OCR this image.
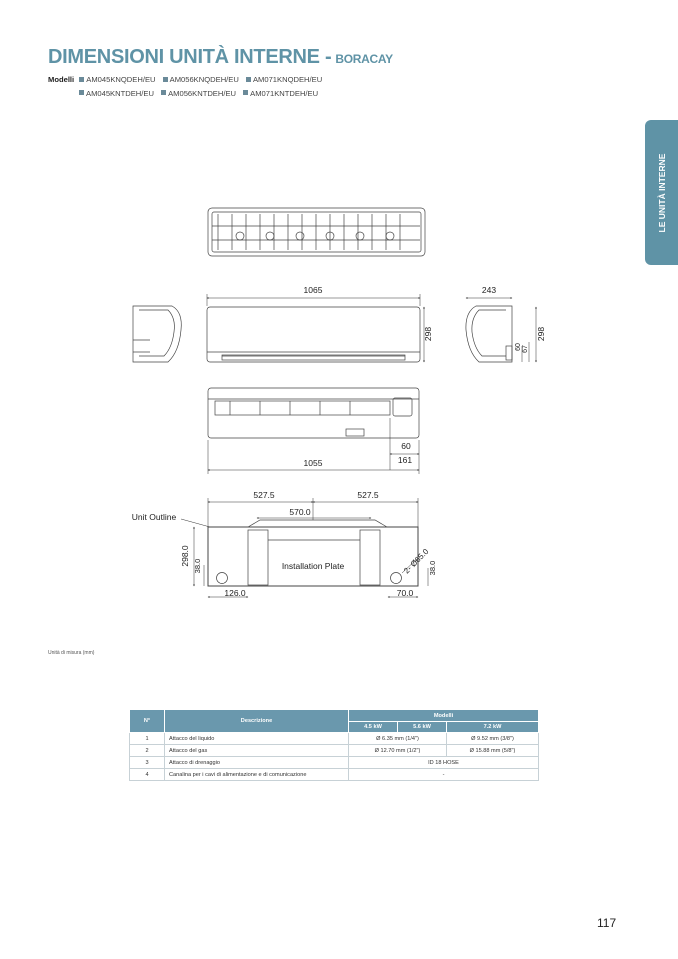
DIMENSIONI UNITÀ INTERNE - BORACAY
Modelli AM045KNQDEH/EU AM056KNQDEH/EU AM071KNQDEH/EU
AM045KNTDEH/EU AM056KNTDEH/EU AM071KNTDEH/EU
LE UNITÀ INTERNE
1065
298
243
298
60 67
1055
60
161
527.5	527.5
570.0
298.0 38.0	38.0
126.0	70.0
2- Ø65.0
Unit Outline
Installation Plate
Unità di misura (mm)
N°	Descrizione	Modelli		
		4.5 kW	5.6 kW	7.2 kW
1	Attacco del liquido	Ø 6.35 mm (1/4")		Ø 9.52 mm (3/8")
2	Attacco del gas	Ø 12.70 mm (1/2")		Ø 15.88 mm (5/8")
3	Attacco di drenaggio	ID 18 HOSE		
4	Canalina per i cavi di alimentazione e di comunicazione	-		
117
